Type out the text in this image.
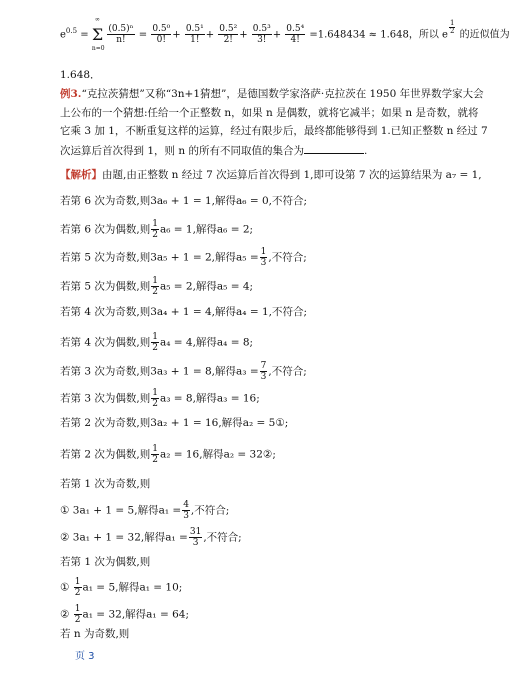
$e^{0.5} = \Sigma$
∞
n=0

$\frac{\text{(0.5)ⁿ}}{n!} = \frac{\text{0.5⁰}}{0!} + \frac{\text{0.5¹}}{1!} + \frac{\text{0.5²}}{2!} + \frac{\text{0.5³}}{3!} + \frac{\text{0.5⁴}}{4!} =1.648434 \approx 1.648$，所以 e $\frac{1}{2}$ 的近似值为
1.648．
例3.“克拉茨猜想”又称“3n+1猜想”，是德国数学家洛萨·克拉茨在 1950 年世界数学家大会
上公布的一个猜想:任给一个正整数 n，如果 n 是偶数，就将它减半；如果 n 是奇数，就将
它乘 3 加 1，不断重复这样的运算，经过有限步后，最终都能够得到 1.已知正整数 n 经过 7
次运算后首次得到 1，则 n 的所有不同取值的集合为	.
【解析】由题,由正整数 n 经过 7 次运算后首次得到 1,即可设第 7 次的运算结果为 a₇ = 1,
若第 6 次为奇数,则3a₆ + 1 = 1,解得a₆ = 0,不符合;
若第 6 次为偶数,则 $\frac{1}{2} a_6 = 1$,解得a₆ = 2;
若第 5 次为奇数,则3a₅ + 1 = 2,解得$a_5 = \frac{1}{3}$ ,不符合;
若第 5 次为偶数,则 $\frac{1}{2} a_5 = 2$,解得a₅ = 4;
若第 4 次为奇数,则3a₄ + 1 = 4,解得a₄ = 1,不符合;
若第 4 次为偶数,则 $\frac{1}{2} a_4 = 4$,解得a₄ = 8;
若第 3 次为奇数,则3a₃ + 1 = 8,解得$a_3 = \frac{7}{3}$ ,不符合;
若第 3 次为偶数,则 $\frac{1}{2} a_3 = 8$,解得a₃ = 16;
若第 2 次为奇数,则3a₂ + 1 = 16,解得a₂ = 5①;
若第 2 次为偶数,则 $\frac{1}{2} a_2 = 16$,解得a₂ = 32②;
若第 1 次为奇数,则
① 3a₁ + 1 = 5,解得$a_1 = \frac{4}{3}$ ,不符合;
② 3a₁ + 1 = 32,解得$a_1 = \frac{31}{3}$ ,不符合;
若第 1 次为偶数,则
① $\frac{1}{2} a_1 = 5$,解得a₁ = 10;
② $\frac{1}{2} a_1 = 32$,解得a₁ = 64;
若 n 为奇数,则
页 3
